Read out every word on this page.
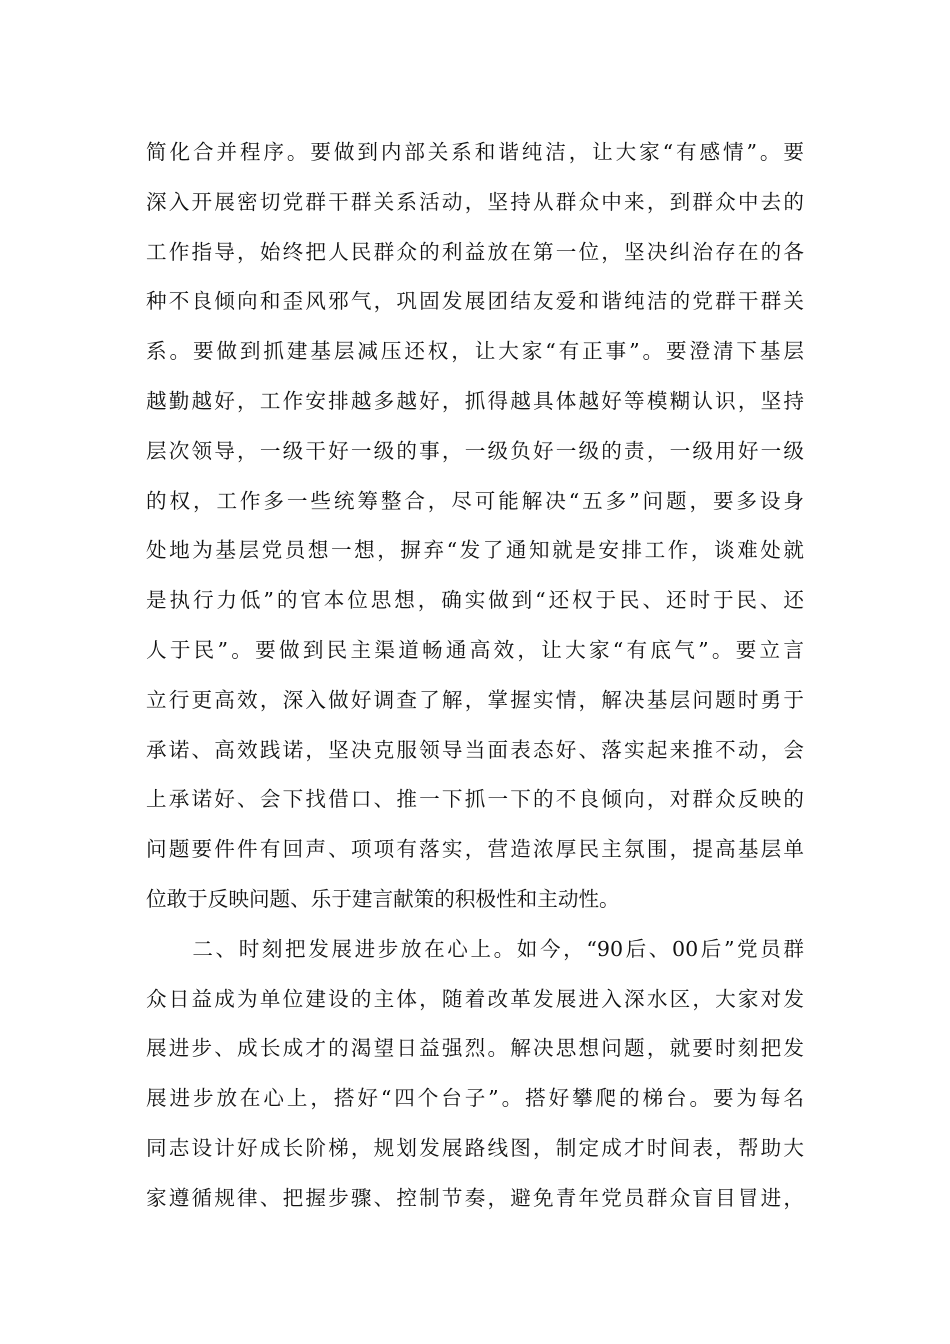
简化合并程序。要做到内部关系和谐纯洁，让大家“有感情”。要
深入开展密切党群干群关系活动，坚持从群众中来，到群众中去的
工作指导，始终把人民群众的利益放在第一位，坚决纠治存在的各
种不良倾向和歪风邪气，巩固发展团结友爱和谐纯洁的党群干群关
系。要做到抓建基层减压还权，让大家“有正事”。要澄清下基层
越勤越好，工作安排越多越好，抓得越具体越好等模糊认识，坚持
层次领导，一级干好一级的事，一级负好一级的责，一级用好一级
的权，工作多一些统筹整合，尽可能解决“五多”问题，要多设身
处地为基层党员想一想，摒弃“发了通知就是安排工作，谈难处就
是执行力低”的官本位思想，确实做到“还权于民、还时于民、还
人于民”。要做到民主渠道畅通高效，让大家“有底气”。要立言
立行更高效，深入做好调查了解，掌握实情，解决基层问题时勇于
承诺、高效践诺，坚决克服领导当面表态好、落实起来推不动，会
上承诺好、会下找借口、推一下抓一下的不良倾向，对群众反映的
问题要件件有回声、项项有落实，营造浓厚民主氛围，提高基层单
位敢于反映问题、乐于建言献策的积极性和主动性。
　　二、时刻把发展进步放在心上。如今，“90后、00后”党员群
众日益成为单位建设的主体，随着改革发展进入深水区，大家对发
展进步、成长成才的渴望日益强烈。解决思想问题，就要时刻把发
展进步放在心上，搭好“四个台子”。搭好攀爬的梯台。要为每名
同志设计好成长阶梯，规划发展路线图，制定成才时间表，帮助大
家遵循规律、把握步骤、控制节奏，避免青年党员群众盲目冒进，
